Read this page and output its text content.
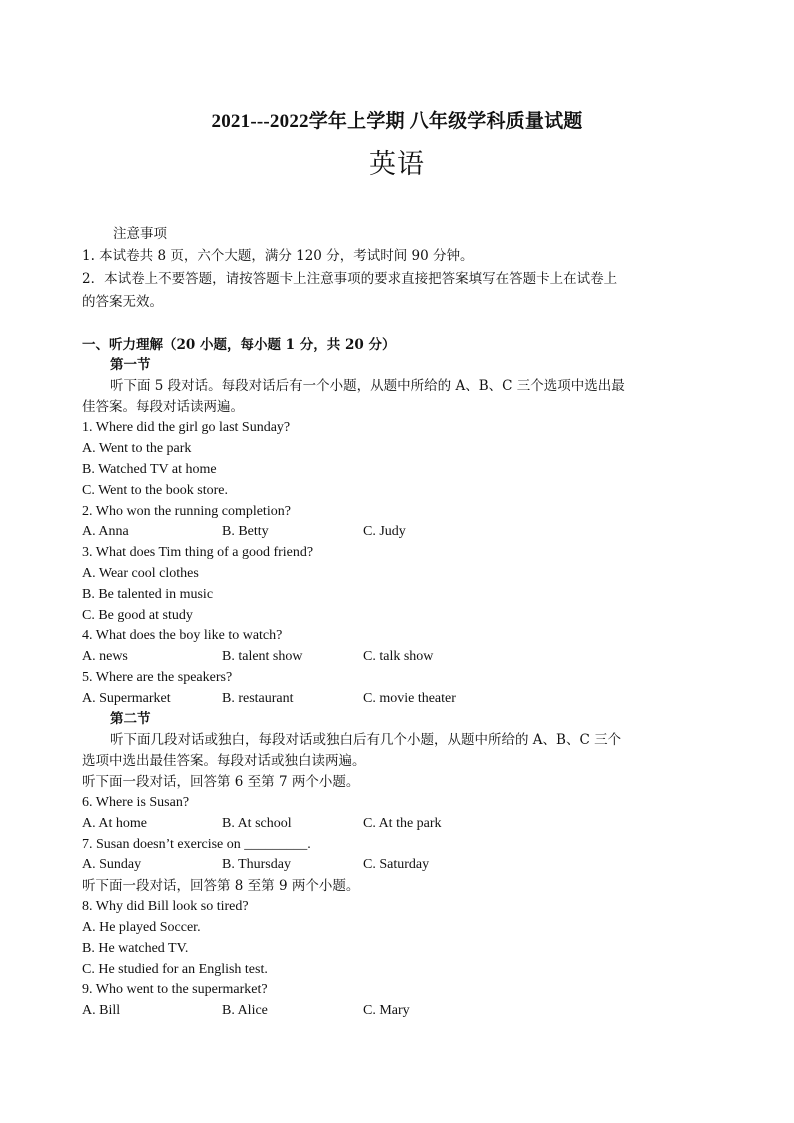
2021---2022学年上学期 八年级学科质量试题
英语
注意事项
1. 本试卷共 8 页，六个大题，满分 120 分，考试时间 90 分钟。
2．本试卷上不要答题，请按答题卡上注意事项的要求直接把答案填写在答题卡上在试卷上
的答案无效。
一、听力理解（20 小题，每小题 1 分，共 20 分）
第一节
听下面 5 段对话。每段对话后有一个小题，从题中所给的 A、B、C 三个选项中选出最
佳答案。每段对话读两遍。
1. Where did the girl go last Sunday?
A. Went to the park
B. Watched TV at home
C. Went to the book store.
2. Who won the running completion?
A. Anna	B. Betty	C. Judy
3. What does Tim thing of a good friend?
A. Wear cool clothes
B. Be talented in music
C. Be good at study
4. What does the boy like to watch?
A. news	B. talent show	C. talk show
5. Where are the speakers?
A. Supermarket	B. restaurant	C. movie theater
第二节
听下面几段对话或独白，每段对话或独白后有几个小题，从题中所给的 A、B、C 三个
选项中选出最佳答案。每段对话或独白读两遍。
听下面一段对话，回答第 6 至第 7 两个小题。
6. Where is Susan?
A. At home	B. At school	C. At the park
7. Susan doesn’t exercise on _________.
A. Sunday	B. Thursday	C. Saturday
听下面一段对话，回答第 8 至第 9 两个小题。
8. Why did Bill look so tired?
A. He played Soccer.
B. He watched TV.
C. He studied for an English test.
9. Who went to the supermarket?
A. Bill	B. Alice	C. Mary
